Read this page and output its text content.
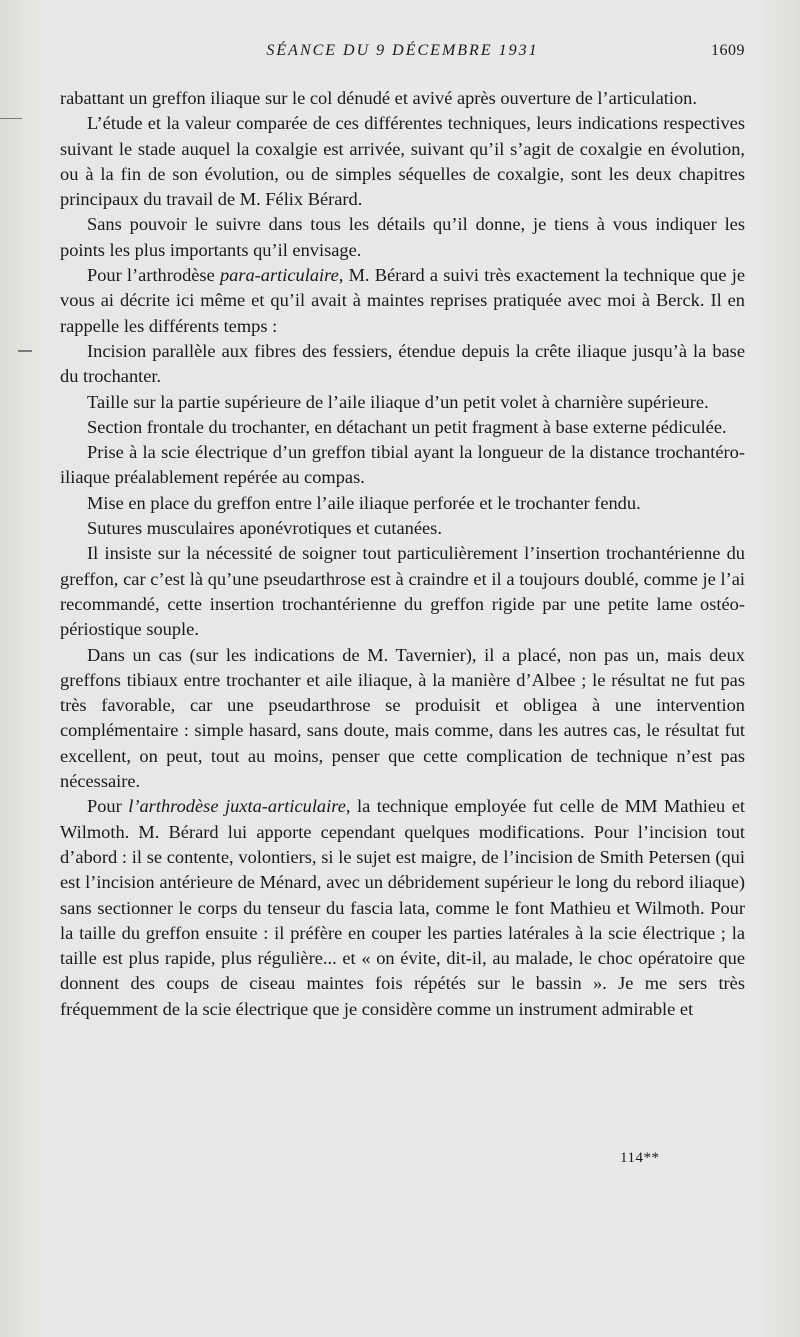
SÉANCE DU 9 DÉCEMBRE 1931	1609

rabattant un greffon iliaque sur le col dénudé et avivé après ouverture de l’articulation.

L’étude et la valeur comparée de ces différentes techniques, leurs indications respectives suivant le stade auquel la coxalgie est arrivée, suivant qu’il s’agit de coxalgie en évolution, ou à la fin de son évolution, ou de simples séquelles de coxalgie, sont les deux chapitres principaux du travail de M. Félix Bérard.

Sans pouvoir le suivre dans tous les détails qu’il donne, je tiens à vous indiquer les points les plus importants qu’il envisage.

Pour l’arthrodèse para-articulaire, M. Bérard a suivi très exactement la technique que je vous ai décrite ici même et qu’il avait à maintes reprises pratiquée avec moi à Berck. Il en rappelle les différents temps :

Incision parallèle aux fibres des fessiers, étendue depuis la crête iliaque jusqu’à la base du trochanter.

Taille sur la partie supérieure de l’aile iliaque d’un petit volet à charnière supérieure.

Section frontale du trochanter, en détachant un petit fragment à base externe pédiculée.

Prise à la scie électrique d’un greffon tibial ayant la longueur de la distance trochantéro-iliaque préalablement repérée au compas.

Mise en place du greffon entre l’aile iliaque perforée et le trochanter fendu.

Sutures musculaires aponévrotiques et cutanées.

Il insiste sur la nécessité de soigner tout particulièrement l’insertion trochantérienne du greffon, car c’est là qu’une pseudarthrose est à craindre et il a toujours doublé, comme je l’ai recommandé, cette insertion trochantérienne du greffon rigide par une petite lame ostéo-périostique souple.

Dans un cas (sur les indications de M. Tavernier), il a placé, non pas un, mais deux greffons tibiaux entre trochanter et aile iliaque, à la manière d’Albee ; le résultat ne fut pas très favorable, car une pseudarthrose se produisit et obligea à une intervention complémentaire : simple hasard, sans doute, mais comme, dans les autres cas, le résultat fut excellent, on peut, tout au moins, penser que cette complication de technique n’est pas nécessaire.

Pour l’arthrodèse juxta-articulaire, la technique employée fut celle de MM Mathieu et Wilmoth. M. Bérard lui apporte cependant quelques modifications. Pour l’incision tout d’abord : il se contente, volontiers, si le sujet est maigre, de l’incision de Smith Petersen (qui est l’incision antérieure de Ménard, avec un débridement supérieur le long du rebord iliaque) sans sectionner le corps du tenseur du fascia lata, comme le font Mathieu et Wilmoth. Pour la taille du greffon ensuite : il préfère en couper les parties latérales à la scie électrique ; la taille est plus rapide, plus régulière... et « on évite, dit-il, au malade, le choc opératoire que donnent des coups de ciseau maintes fois répétés sur le bassin ». Je me sers très fréquemment de la scie électrique que je considère comme un instrument admirable et

114**
